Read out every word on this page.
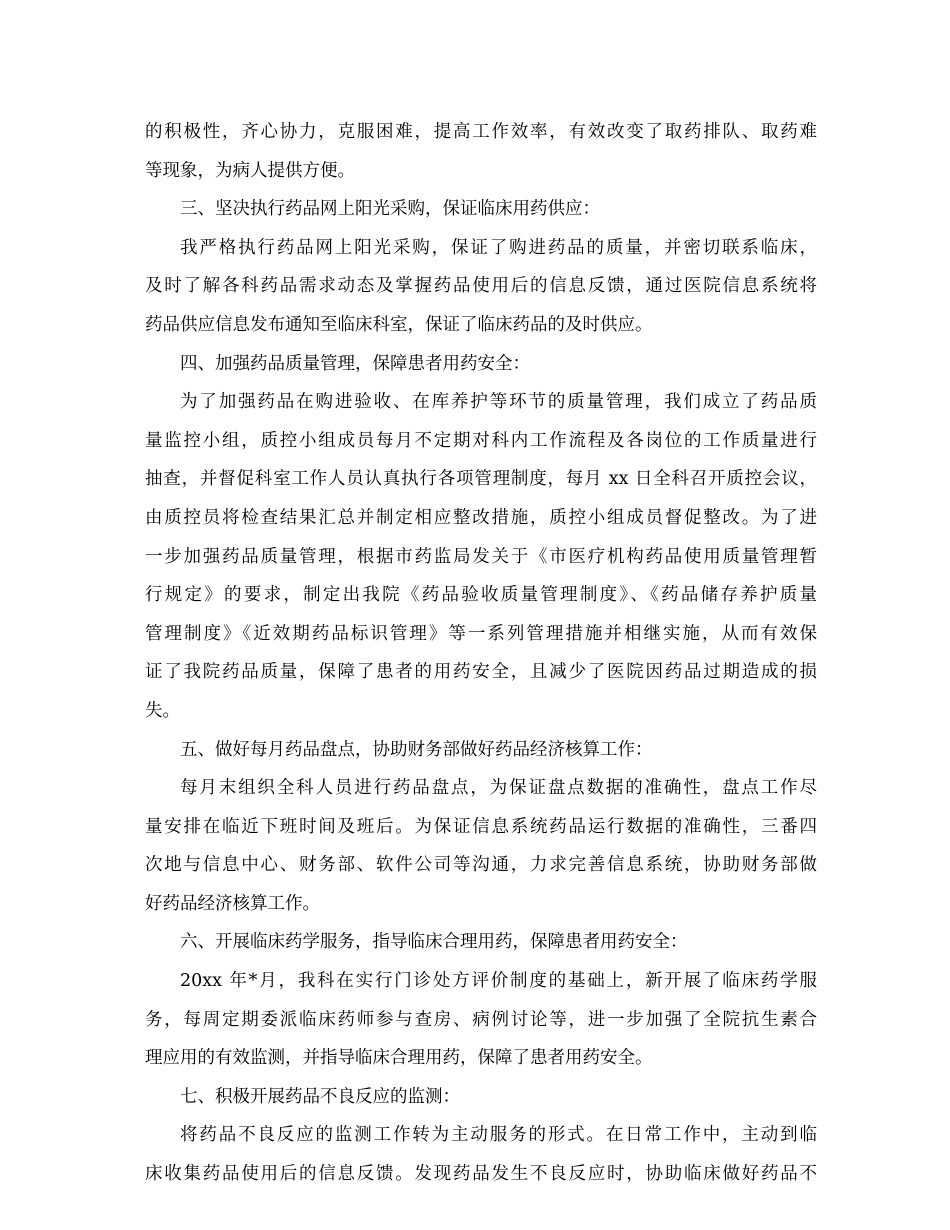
的积极性，齐心协力，克服困难，提高工作效率，有效改变了取药排队、取药难
等现象，为病人提供方便。
三、坚决执行药品网上阳光采购，保证临床用药供应：
我严格执行药品网上阳光采购，保证了购进药品的质量，并密切联系临床，
及时了解各科药品需求动态及掌握药品使用后的信息反馈，通过医院信息系统将
药品供应信息发布通知至临床科室，保证了临床药品的及时供应。
四、加强药品质量管理，保障患者用药安全：
为了加强药品在购进验收、在库养护等环节的质量管理，我们成立了药品质
量监控小组，质控小组成员每月不定期对科内工作流程及各岗位的工作质量进行
抽查，并督促科室工作人员认真执行各项管理制度，每月 xx 日全科召开质控会议，
由质控员将检查结果汇总并制定相应整改措施，质控小组成员督促整改。为了进
一步加强药品质量管理，根据市药监局发关于《市医疗机构药品使用质量管理暂
行规定》的要求，制定出我院《药品验收质量管理制度》、《药品储存养护质量
管理制度》《近效期药品标识管理》等一系列管理措施并相继实施，从而有效保
证了我院药品质量，保障了患者的用药安全，且减少了医院因药品过期造成的损
失。
五、做好每月药品盘点，协助财务部做好药品经济核算工作：
每月末组织全科人员进行药品盘点，为保证盘点数据的准确性，盘点工作尽
量安排在临近下班时间及班后。为保证信息系统药品运行数据的准确性，三番四
次地与信息中心、财务部、软件公司等沟通，力求完善信息系统，协助财务部做
好药品经济核算工作。
六、开展临床药学服务，指导临床合理用药，保障患者用药安全：
20xx 年*月，我科在实行门诊处方评价制度的基础上，新开展了临床药学服
务，每周定期委派临床药师参与查房、病例讨论等，进一步加强了全院抗生素合
理应用的有效监测，并指导临床合理用药，保障了患者用药安全。
七、积极开展药品不良反应的监测：
将药品不良反应的监测工作转为主动服务的形式。在日常工作中，主动到临
床收集药品使用后的信息反馈。发现药品发生不良反应时，协助临床做好药品不
